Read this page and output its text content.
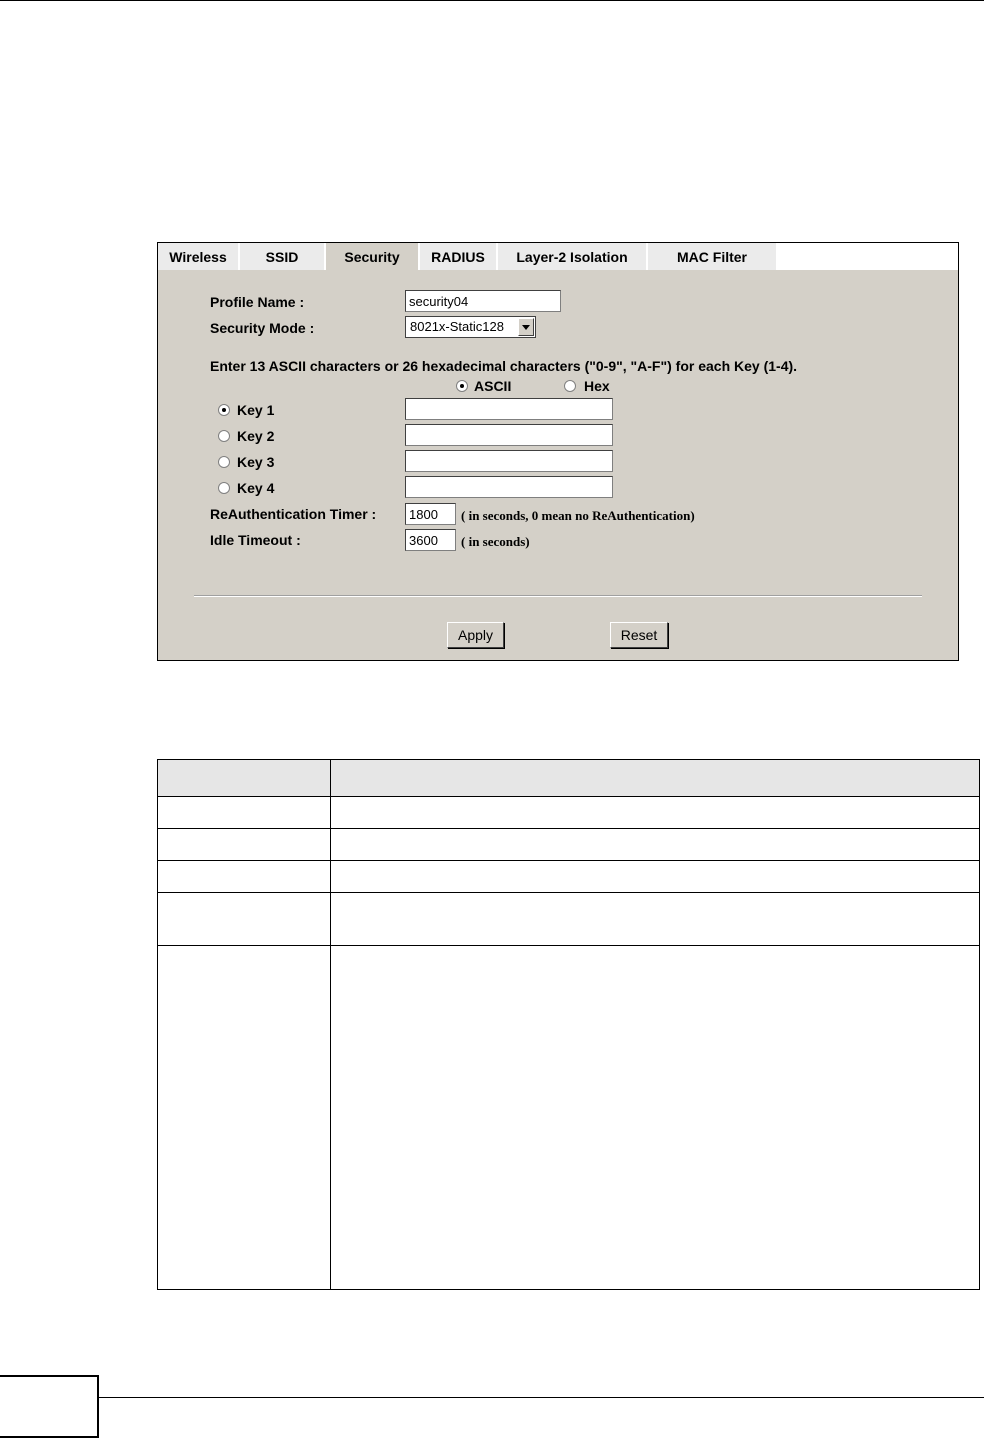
Wireless	SSID	Security	RADIUS	Layer-2 Isolation	MAC Filter
Profile Name :
security04
Security Mode :	8021x-Static128
Enter 13 ASCII characters or 26 hexadecimal characters ("0-9", "A-F") for each Key (1-4).
ASCII	Hex
Key 1
Key 2
Key 3
Key 4
ReAuthentication Timer :
1800	( in seconds, 0 mean no ReAuthentication)
Idle Timeout :
3600	( in seconds)
Apply	Reset
